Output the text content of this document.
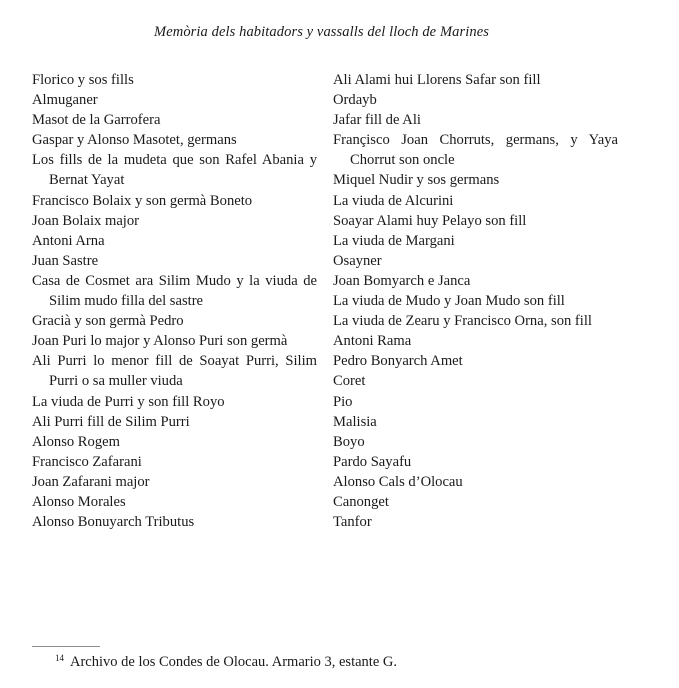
Memòria dels habitadors y vassalls del lloch de Marines
Florico y sos fills
Almuganer
Masot de la Garrofera
Gaspar y Alonso Masotet, germans
Los fills de la mudeta que son Rafel Abania y Bernat Yayat
Francisco Bolaix y son germà Boneto
Joan Bolaix major
Antoni Arna
Juan Sastre
Casa de Cosmet ara Silim Mudo y la viuda de Silim mudo filla del sastre
Gracià y son germà Pedro
Joan Puri lo major y Alonso Puri son germà
Ali Purri lo menor fill de Soayat Purri, Silim Purri o sa muller viuda
La viuda de Purri y son fill Royo
Ali Purri fill de Silim Purri
Alonso Rogem
Francisco Zafarani
Joan Zafarani major
Alonso Morales
Alonso Bonuyarch Tributus
Ali Alami hui Llorens Safar son fill
Ordayb
Jafar fill de Ali
Françisco Joan Chorruts, germans, y Yaya Chorrut son oncle
Miquel Nudir y sos germans
La viuda de Alcurini
Soayar Alami huy Pelayo son fill
La viuda de Margani
Osayner
Joan Bomyarch e Janca
La viuda de Mudo y Joan Mudo son fill
La viuda de Zearu y Francisco Orna, son fill
Antoni Rama
Pedro Bonyarch Amet
Coret
Pio
Malisia
Boyo
Pardo Sayafu
Alonso Cals d’Olocau
Canonget
Tanfor
$^{14}$ Archivo de los Condes de Olocau. Armario 3, estante G.
